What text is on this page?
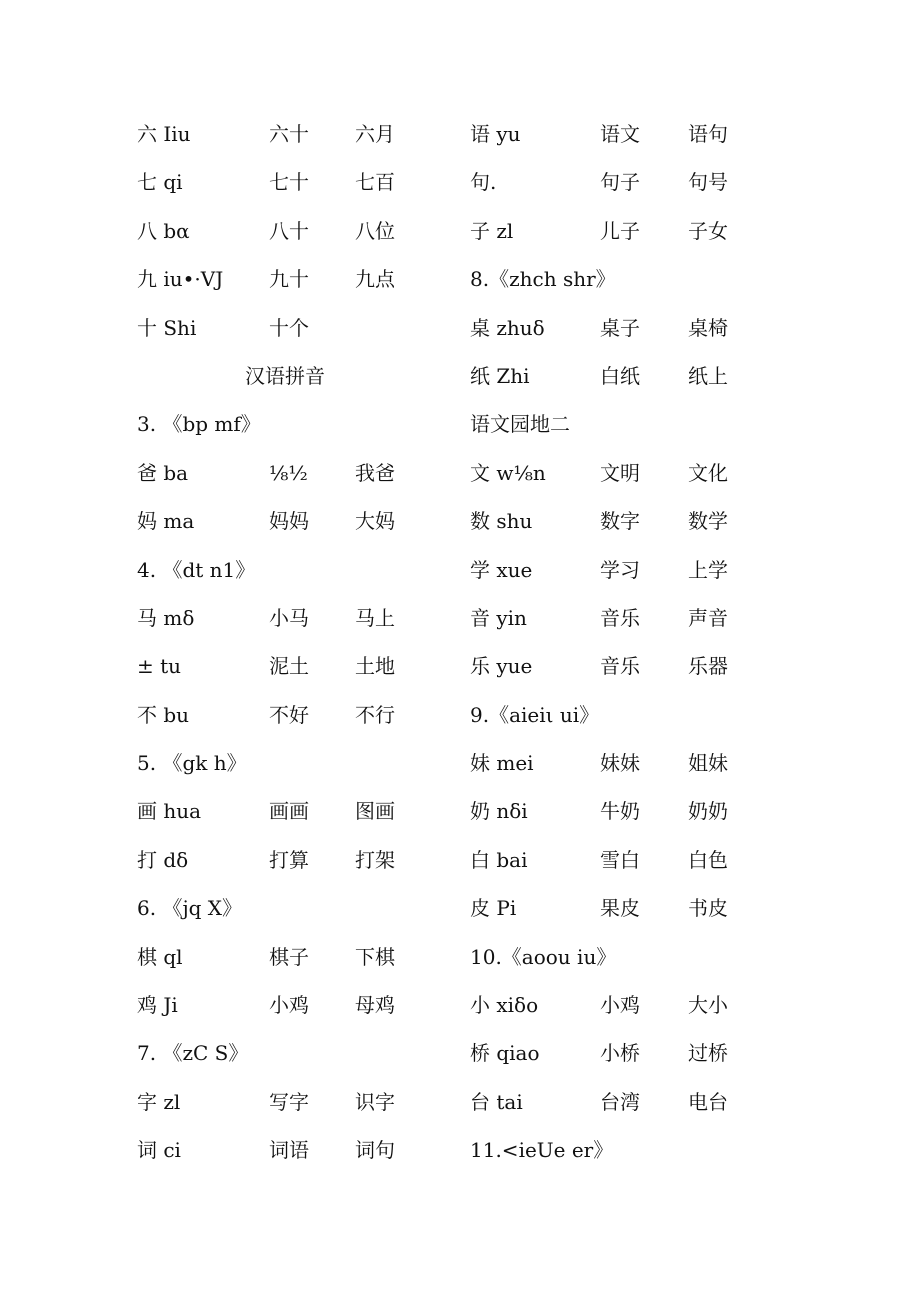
六 Iiu	六十 六月
七 qi	七十 七百
八 bα	八十 八位
九 iu•·VJ 九十 九点
十 Shi	十个
汉语拼音
3. 《bp mf》
爸 ba	⅛½ 我爸
妈 ma	妈妈 大妈
4. 《dt n1》
马 mδ	小马 马上
± tu	泥土 土地
不 bu	不好 不行
5. 《gk h》
画 hua	画画 图画
打 dδ	打算 打架
6. 《jq X》
棋 ql	棋子 下棋
鸡 Ji	小鸡 母鸡
7. 《zC S》
字 zl	写字 识字
词 ci	词语 词句
语 yu	语文 语句
句.	句子 句号
子 zl	儿子 子女
8.《zhch shr》
桌 zhuδ	桌子 桌椅
纸 Zhi	白纸 纸上
语文园地二
文 w⅛n	文明 文化
数 shu	数字 数学
学 xue	学习 上学
音 yin	音乐 声音
乐 yue	音乐 乐器
9.《aieiι ui》
妹 mei	妹妹 姐妹
奶 nδi	牛奶 奶奶
白 bai	雪白 白色
皮 Pi	果皮 书皮
10.《aoou iu》
小 xiδo	小鸡 大小
桥 qiao	小桥 过桥
台 tai	台湾 电台
11.<ieUe er》
